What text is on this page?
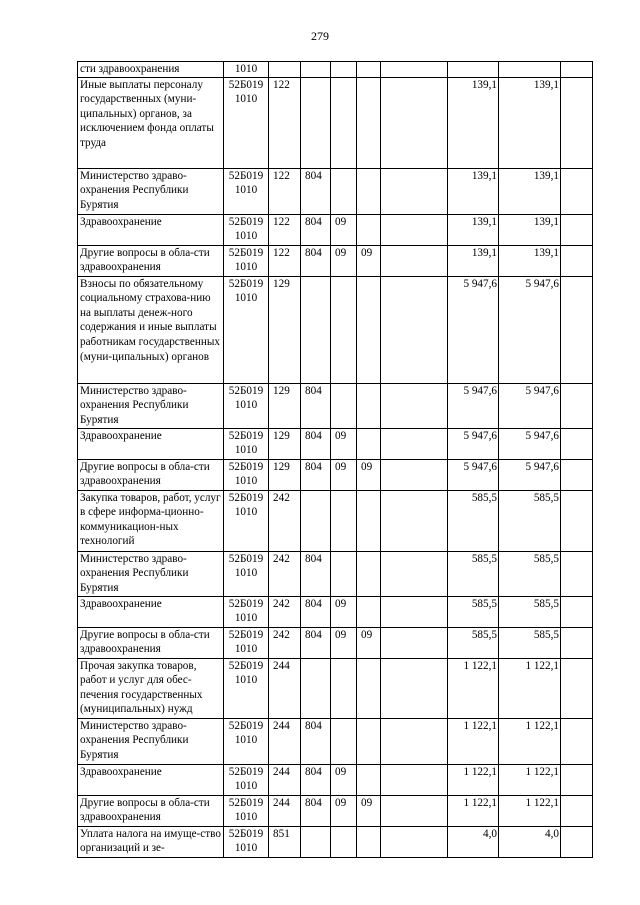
279
сти здравоохранения	1010								
Иные выплаты персоналу государственных (муни-ципальных) органов, за исключением фонда оплаты труда	52Б019 1010	122					139,1	139,1	
Министерство здраво-охранения Республики Бурятия	52Б019 1010	122	804				139,1	139,1	
Здравоохранение	52Б019 1010	122	804	09			139,1	139,1	
Другие вопросы в обла-сти здравоохранения	52Б019 1010	122	804	09	09		139,1	139,1	
Взносы по обязательному социальному страхова-нию на выплаты денеж-ного содержания и иные выплаты работникам государственных (муни-ципальных) органов	52Б019 1010	129					5 947,6	5 947,6	
Министерство здраво-охранения Республики Бурятия	52Б019 1010	129	804				5 947,6	5 947,6	
Здравоохранение	52Б019 1010	129	804	09			5 947,6	5 947,6	
Другие вопросы в обла-сти здравоохранения	52Б019 1010	129	804	09	09		5 947,6	5 947,6	
Закупка товаров, работ, услуг в сфере информа-ционно-коммуникацион-ных технологий	52Б019 1010	242					585,5	585,5	
Министерство здраво-охранения Республики Бурятия	52Б019 1010	242	804				585,5	585,5	
Здравоохранение	52Б019 1010	242	804	09			585,5	585,5	
Другие вопросы в обла-сти здравоохранения	52Б019 1010	242	804	09	09		585,5	585,5	
Прочая закупка товаров, работ и услуг для обес-печения государственных (муниципальных) нужд	52Б019 1010	244					1 122,1	1 122,1	
Министерство здраво-охранения Республики Бурятия	52Б019 1010	244	804				1 122,1	1 122,1	
Здравоохранение	52Б019 1010	244	804	09			1 122,1	1 122,1	
Другие вопросы в обла-сти здравоохранения	52Б019 1010	244	804	09	09		1 122,1	1 122,1	
Уплата налога на имуще-ство организаций и зе-	52Б019 1010	851					4,0	4,0	
